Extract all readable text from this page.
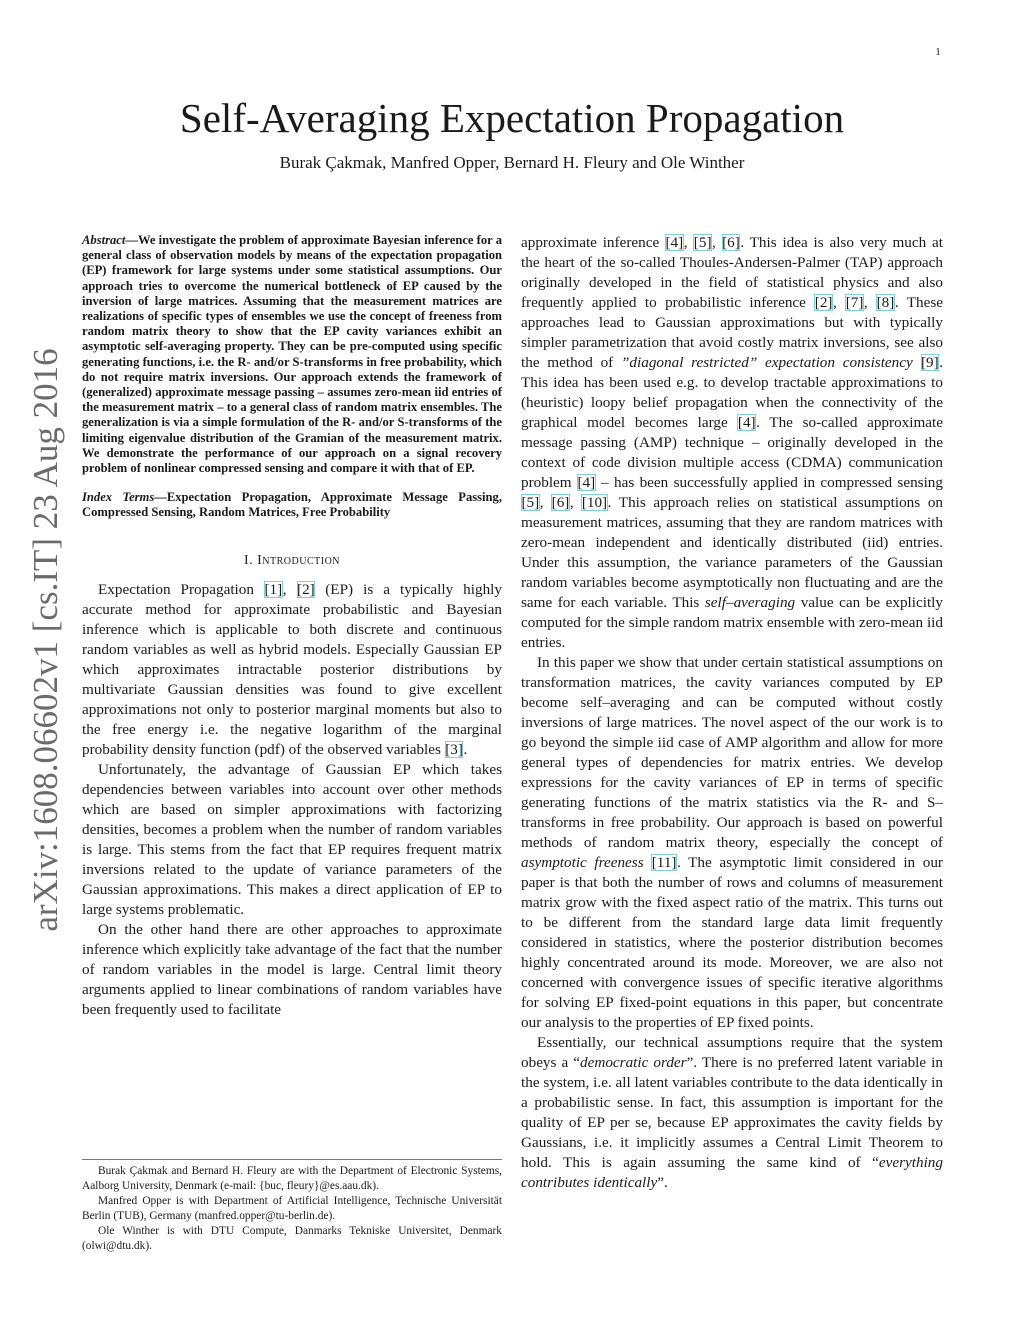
1
Self-Averaging Expectation Propagation
Burak Çakmak, Manfred Opper, Bernard H. Fleury and Ole Winther
arXiv:1608.06602v1 [cs.IT] 23 Aug 2016

Abstract—We investigate the problem of approximate Bayesian inference for a general class of observation models by means of the expectation propagation (EP) framework for large systems under some statistical assumptions. Our approach tries to overcome the numerical bottleneck of EP caused by the inversion of large matrices. Assuming that the measurement matrices are realizations of specific types of ensembles we use the concept of freeness from random matrix theory to show that the EP cavity variances exhibit an asymptotic self-averaging property. They can be pre-computed using specific generating functions, i.e. the R- and/or S-transforms in free probability, which do not require matrix inversions. Our approach extends the framework of (generalized) approximate message passing – assumes zero-mean iid entries of the measurement matrix – to a general class of random matrix ensembles. The generalization is via a simple formulation of the R- and/or S-transforms of the limiting eigenvalue distribution of the Gramian of the measurement matrix. We demonstrate the performance of our approach on a signal recovery problem of nonlinear compressed sensing and compare it with that of EP.

Index Terms—Expectation Propagation, Approximate Message Passing, Compressed Sensing, Random Matrices, Free Probability

I. Introduction

Expectation Propagation [1], [2] (EP) is a typically highly accurate method for approximate probabilistic and Bayesian inference which is applicable to both discrete and continuous random variables as well as hybrid models. Especially Gaussian EP which approximates intractable posterior distributions by multivariate Gaussian densities was found to give excellent approximations not only to posterior marginal moments but also to the free energy i.e. the negative logarithm of the marginal probability density function (pdf) of the observed variables [3].

Unfortunately, the advantage of Gaussian EP which takes dependencies between variables into account over other methods which are based on simpler approximations with factorizing densities, becomes a problem when the number of random variables is large. This stems from the fact that EP requires frequent matrix inversions related to the update of variance parameters of the Gaussian approximations. This makes a direct application of EP to large systems problematic.

On the other hand there are other approaches to approximate inference which explicitly take advantage of the fact that the number of random variables in the model is large. Central limit theory arguments applied to linear combinations of random variables have been frequently used to facilitate

Burak Çakmak and Bernard H. Fleury are with the Department of Electronic Systems, Aalborg University, Denmark (e-mail: {buc, fleury}@es.aau.dk).

Manfred Opper is with Department of Artificial Intelligence, Technische Universität Berlin (TUB), Germany (manfred.opper@tu-berlin.de).

Ole Winther is with DTU Compute, Danmarks Tekniske Universitet, Denmark (olwi@dtu.dk).

approximate inference [4], [5], [6]. This idea is also very much at the heart of the so-called Thoules-Andersen-Palmer (TAP) approach originally developed in the field of statistical physics and also frequently applied to probabilistic inference [2], [7], [8]. These approaches lead to Gaussian approximations but with typically simpler parametrization that avoid costly matrix inversions, see also the method of ”diagonal restricted” expectation consistency [9]. This idea has been used e.g. to develop tractable approximations to (heuristic) loopy belief propagation when the connectivity of the graphical model becomes large [4]. The so-called approximate message passing (AMP) technique – originally developed in the context of code division multiple access (CDMA) communication problem [4] – has been successfully applied in compressed sensing [5], [6], [10]. This approach relies on statistical assumptions on measurement matrices, assuming that they are random matrices with zero-mean independent and identically distributed (iid) entries. Under this assumption, the variance parameters of the Gaussian random variables become asymptotically non fluctuating and are the same for each variable. This self–averaging value can be explicitly computed for the simple random matrix ensemble with zero-mean iid entries.

In this paper we show that under certain statistical assumptions on transformation matrices, the cavity variances computed by EP become self–averaging and can be computed without costly inversions of large matrices. The novel aspect of the our work is to go beyond the simple iid case of AMP algorithm and allow for more general types of dependencies for matrix entries. We develop expressions for the cavity variances of EP in terms of specific generating functions of the matrix statistics via the R- and S–transforms in free probability. Our approach is based on powerful methods of random matrix theory, especially the concept of asymptotic freeness [11]. The asymptotic limit considered in our paper is that both the number of rows and columns of measurement matrix grow with the fixed aspect ratio of the matrix. This turns out to be different from the standard large data limit frequently considered in statistics, where the posterior distribution becomes highly concentrated around its mode. Moreover, we are also not concerned with convergence issues of specific iterative algorithms for solving EP fixed-point equations in this paper, but concentrate our analysis to the properties of EP fixed points.

Essentially, our technical assumptions require that the system obeys a “democratic order”. There is no preferred latent variable in the system, i.e. all latent variables contribute to the data identically in a probabilistic sense. In fact, this assumption is important for the quality of EP per se, because EP approximates the cavity fields by Gaussians, i.e. it implicitly assumes a Central Limit Theorem to hold. This is again assuming the same kind of “everything contributes identically”.
